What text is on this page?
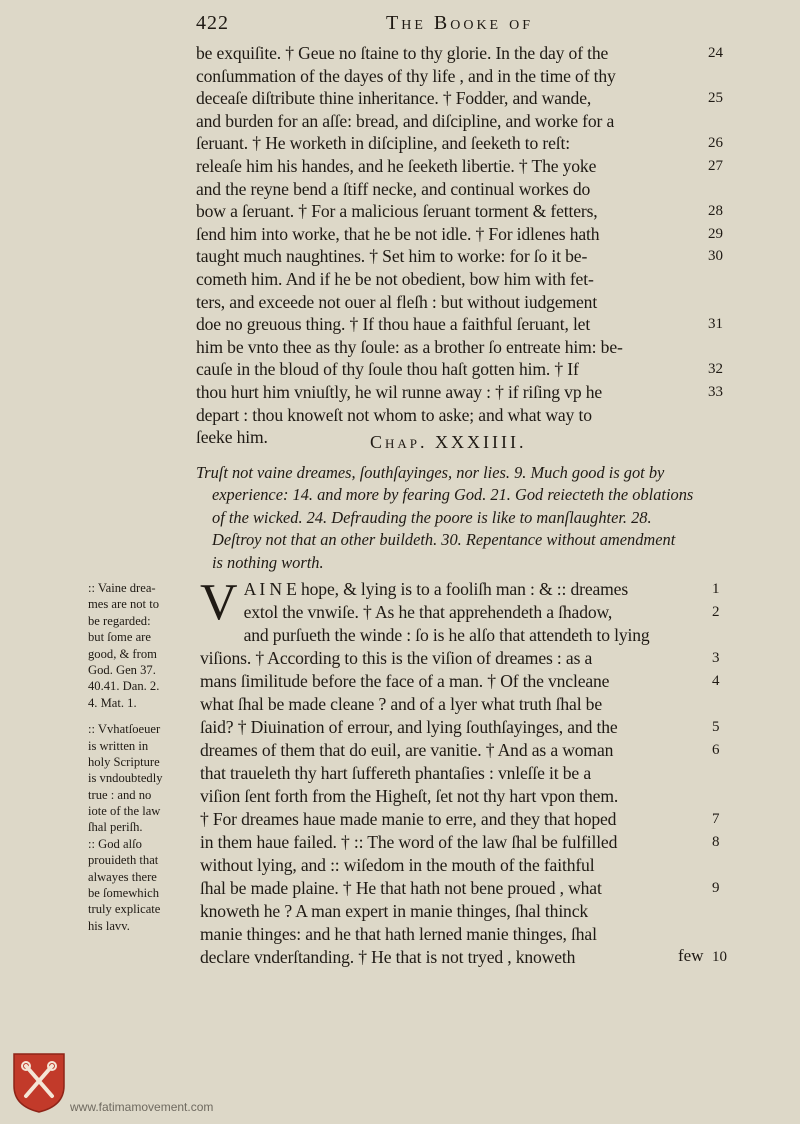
422	The Booke of
be exquiſite. † Geue no ſtaine to thy glorie. In the day of the
conſummation of the dayes of thy life , and in the time of thy
deceaſe diſtribute thine inheritance. † Fodder, and wande,
and burden for an aſſe: bread, and diſcipline, and worke for a
ſeruant. † He worketh in diſcipline, and ſeeketh to reſt:
releaſe him his handes, and he ſeeketh libertie. † The yoke
and the reyne bend a ſtiff necke, and continual workes do
bow a ſeruant. † For a malicious ſeruant torment & fetters,
ſend him into worke, that he be not idle. † For idlenes hath
taught much naughtines. † Set him to worke: for ſo it be-
cometh him. And if he be not obedient, bow him with fet-
ters, and exceede not ouer al fleſh : but without iudgement
doe no greuous thing. † If thou haue a faithful ſeruant, let
him be vnto thee as thy ſoule: as a brother ſo entreate him: be-
cauſe in the bloud of thy ſoule thou haſt gotten him. † If
thou hurt him vniuſtly, he wil runne away : † if riſing vp he
depart : thou knoweſt not whom to aske; and what way to
ſeeke him.
24
25
26
27
28
29
30
31
32
33
Chap. XXXIIII.
Truſt not vaine dreames, ſouthſayinges, nor lies. 9. Much good is got by
experience: 14. and more by fearing God. 21. God reiecteth the oblations
of the wicked. 24. Defrauding the poore is like to manſlaughter. 28.
Deſtroy not that an other buildeth. 30. Repentance without amendment
is nothing worth.
:: Vaine drea-
mes are not to
be regarded:
but ſome are
good, & from
God. Gen 37.
40.41. Dan. 2.
4. Mat. 1.
:: Vvhatſoeuer
is written in
holy Scripture
is vndoubtedly
true : and no
iote of the law
ſhal periſh.
:: God alſo
prouideth that
alwayes there
be ſomewhich
truly explicate
his lavv.
V A I N E hope, & lying is to a fooliſh man : & :: dreames
extol the vnwiſe. † As he that apprehendeth a ſhadow,
and purſueth the winde : ſo is he alſo that attendeth to lying
viſions. † According to this is the viſion of dreames : as a
mans ſimilitude before the face of a man. † Of the vncleane
what ſhal be made cleane ? and of a lyer what truth ſhal be
ſaid? † Diuination of errour, and lying ſouthſayinges, and the
dreames of them that do euil, are vanitie. † And as a woman
that traueleth thy hart ſuffereth phantaſies : vnleſſe it be a
viſion ſent forth from the Higheſt, ſet not thy hart vpon them.
† For dreames haue made manie to erre, and they that hoped
in them haue failed. † :: The word of the law ſhal be fulfilled
without lying, and :: wiſedom in the mouth of the faithful
ſhal be made plaine. † He that hath not bene proued , what
knoweth he ? A man expert in manie thinges, ſhal thinck
manie thinges: and he that hath lerned manie thinges, ſhal
declare vnderſtanding. † He that is not tryed , knoweth
1
2
3
4
5
6
7
8
9
10
few
www.fatimamovement.com
